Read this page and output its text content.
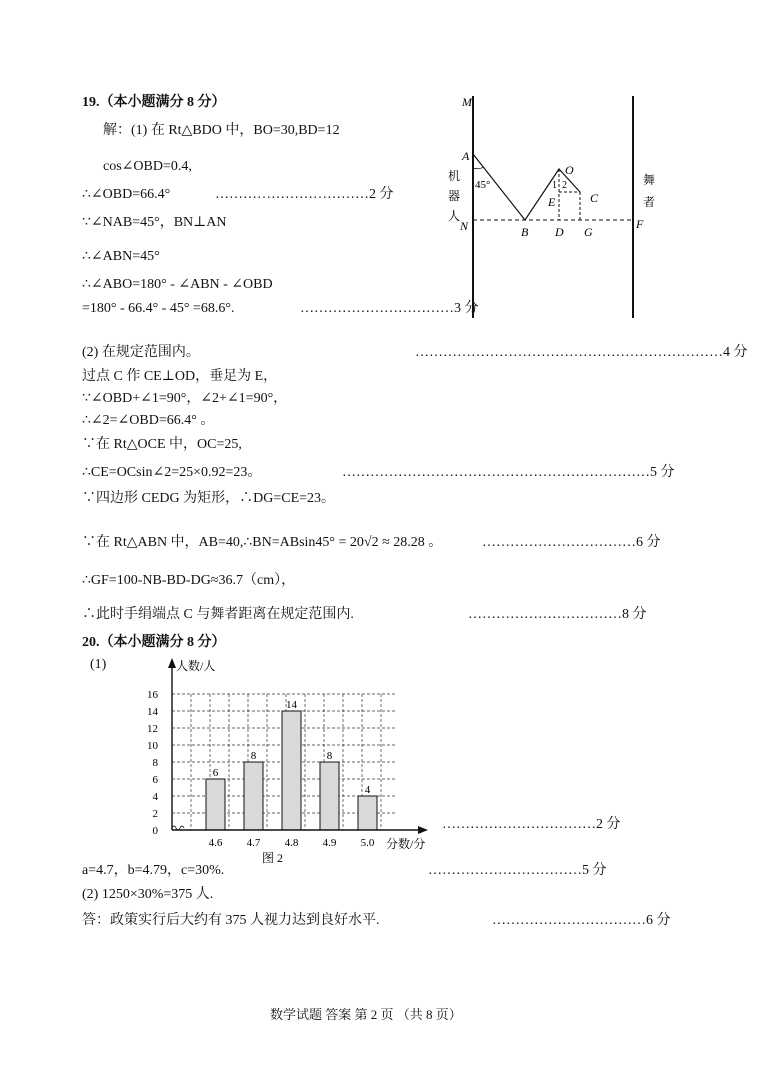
19.（本小题满分 8 分）
解：(1) 在 Rt△BDO 中，BO=30,BD=12
cos∠OBD=0.4,
∴∠OBD=66.4°	……………………………2 分
∵∠NAB=45°，BN⊥AN
∴∠ABN=45°
∴∠ABO=180° - ∠ABN - ∠OBD
=180° - 66.4° - 45° =68.6°.	……………………………3 分
(2) 在规定范围内。	…………………………………………………………4 分
过点 C 作 CE⊥OD，垂足为 E，
∵∠OBD+∠1=90°，∠2+∠1=90°，
∴∠2=∠OBD=66.4° 。
∵在 Rt△OCE 中，OC=25,
∴CE=OCsin∠2=25×0.92=23。	…………………………………………………………5 分
∵四边形 CEDG 为矩形，∴DG=CE=23。
∵在 Rt△ABN 中，AB=40,∴BN=ABsin45° = 20√2 ≈ 28.28 。	……………………………6 分
∴GF=100-NB-BD-DG≈36.7（cm），
∴此时手绢端点 C 与舞者距离在规定范围内.	……………………………8 分
M
A
45°
机
器
人
N	B
O
1 2
E	C
D G
F
舞
者
20.（本小题满分 8 分）
(1)
6
8
14
8
4
0
2
4
6
8
10
12
14
16
4.6 4.7 4.8 4.9 5.0
人数/人
分数/分
图 2
……………………………2 分
a=4.7，b=4.79，c=30%.	……………………………5 分
(2) 1250×30%=375 人.
答：政策实行后大约有 375 人视力达到良好水平.	……………………………6 分
数学试题 答案 第 2 页 （共 8 页）
